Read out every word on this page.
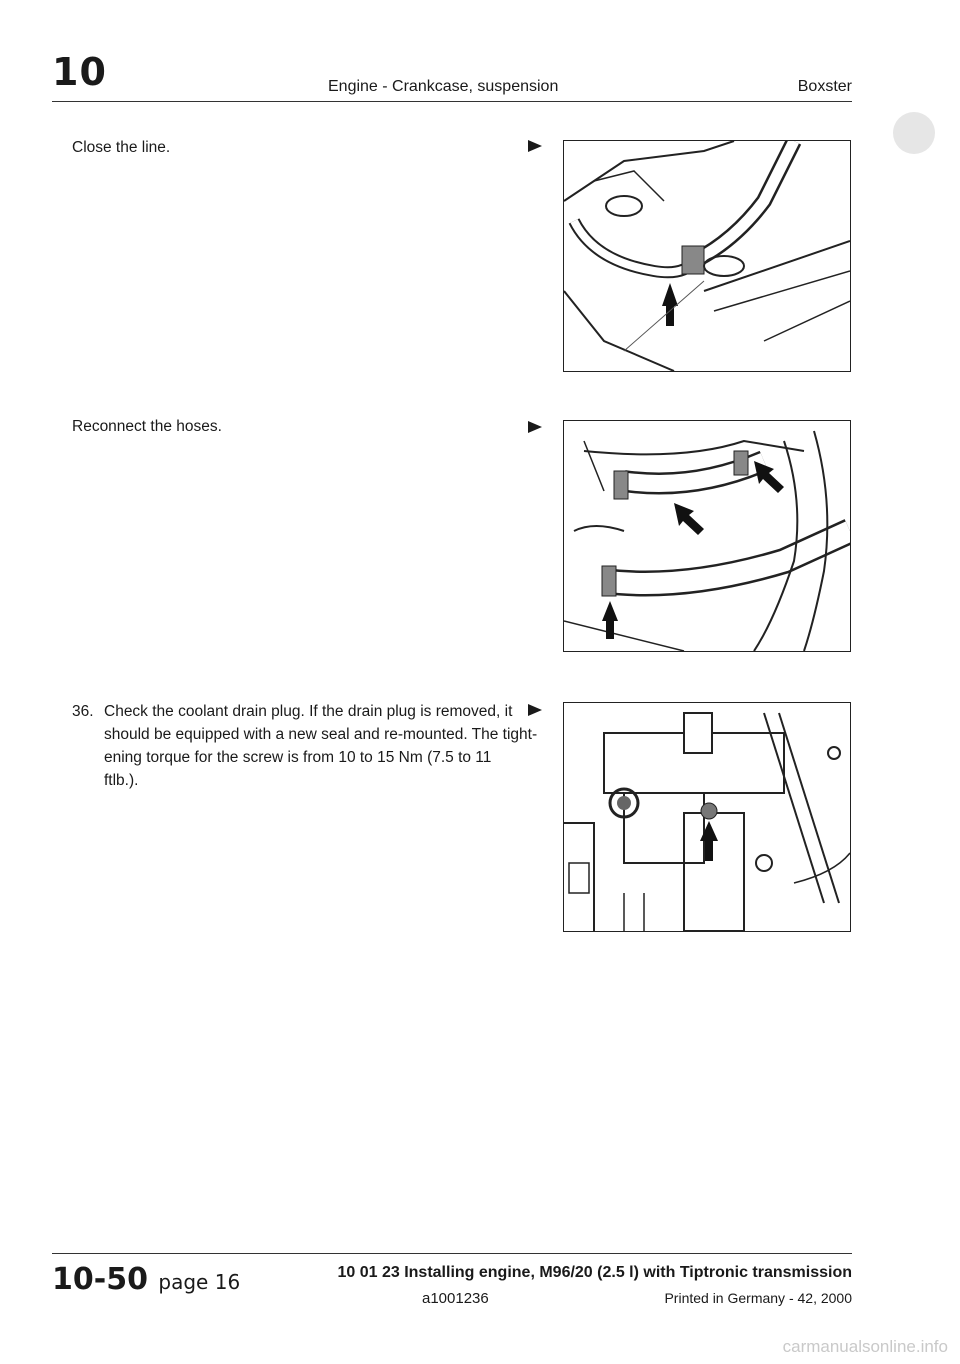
10	Engine - Crankcase, suspension	Boxster
Close the line.
Reconnect the hoses.
36. Check the coolant drain plug. If the drain plug is removed, it
should be equipped with a new seal and re-mounted. The tight-
ening torque for the screw is from 10 to 15 Nm (7.5 to 11
ftlb.).
10-50 page 16	10 01 23 Installing engine, M96/20 (2.5 l) with Tiptronic transmission
a1001236	Printed in Germany - 42, 2000
carmanualsonline.info
